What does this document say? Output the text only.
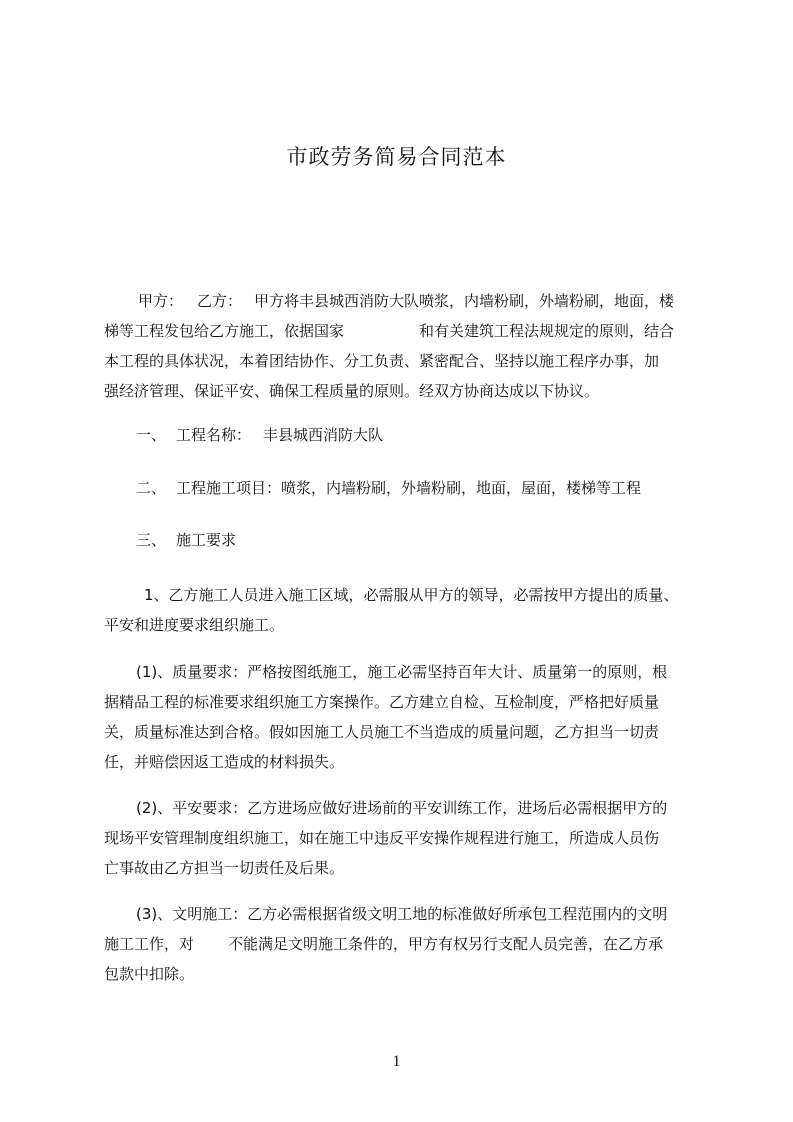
市政劳务简易合同范本
甲方： 乙方： 甲方将丰县城西消防大队喷浆，内墙粉刷，外墙粉刷，地面，楼
梯等工程发包给乙方施工，依据国家	和有关建筑工程法规规定的原则，结合
本工程的具体状况，本着团结协作、分工负责、紧密配合、坚持以施工程序办事，加
强经济管理、保证平安、确保工程质量的原则。经双方协商达成以下协议。
一、 工程名称： 丰县城西消防大队
二、 工程施工项目：喷浆，内墙粉刷，外墙粉刷，地面，屋面，楼梯等工程
三、 施工要求
1、乙方施工人员进入施工区域，必需服从甲方的领导，必需按甲方提出的质量、
平安和进度要求组织施工。
(1)、质量要求：严格按图纸施工，施工必需坚持百年大计、质量第一的原则，根
据精品工程的标准要求组织施工方案操作。乙方建立自检、互检制度，严格把好质量
关，质量标准达到合格。假如因施工人员施工不当造成的质量问题，乙方担当一切责
任，并赔偿因返工造成的材料损失。
(2)、平安要求：乙方进场应做好进场前的平安训练工作，进场后必需根据甲方的
现场平安管理制度组织施工，如在施工中违反平安操作规程进行施工，所造成人员伤
亡事故由乙方担当一切责任及后果。
(3)、文明施工：乙方必需根据省级文明工地的标准做好所承包工程范围内的文明
施工工作，对 不能满足文明施工条件的，甲方有权另行支配人员完善，在乙方承
包款中扣除。
1
